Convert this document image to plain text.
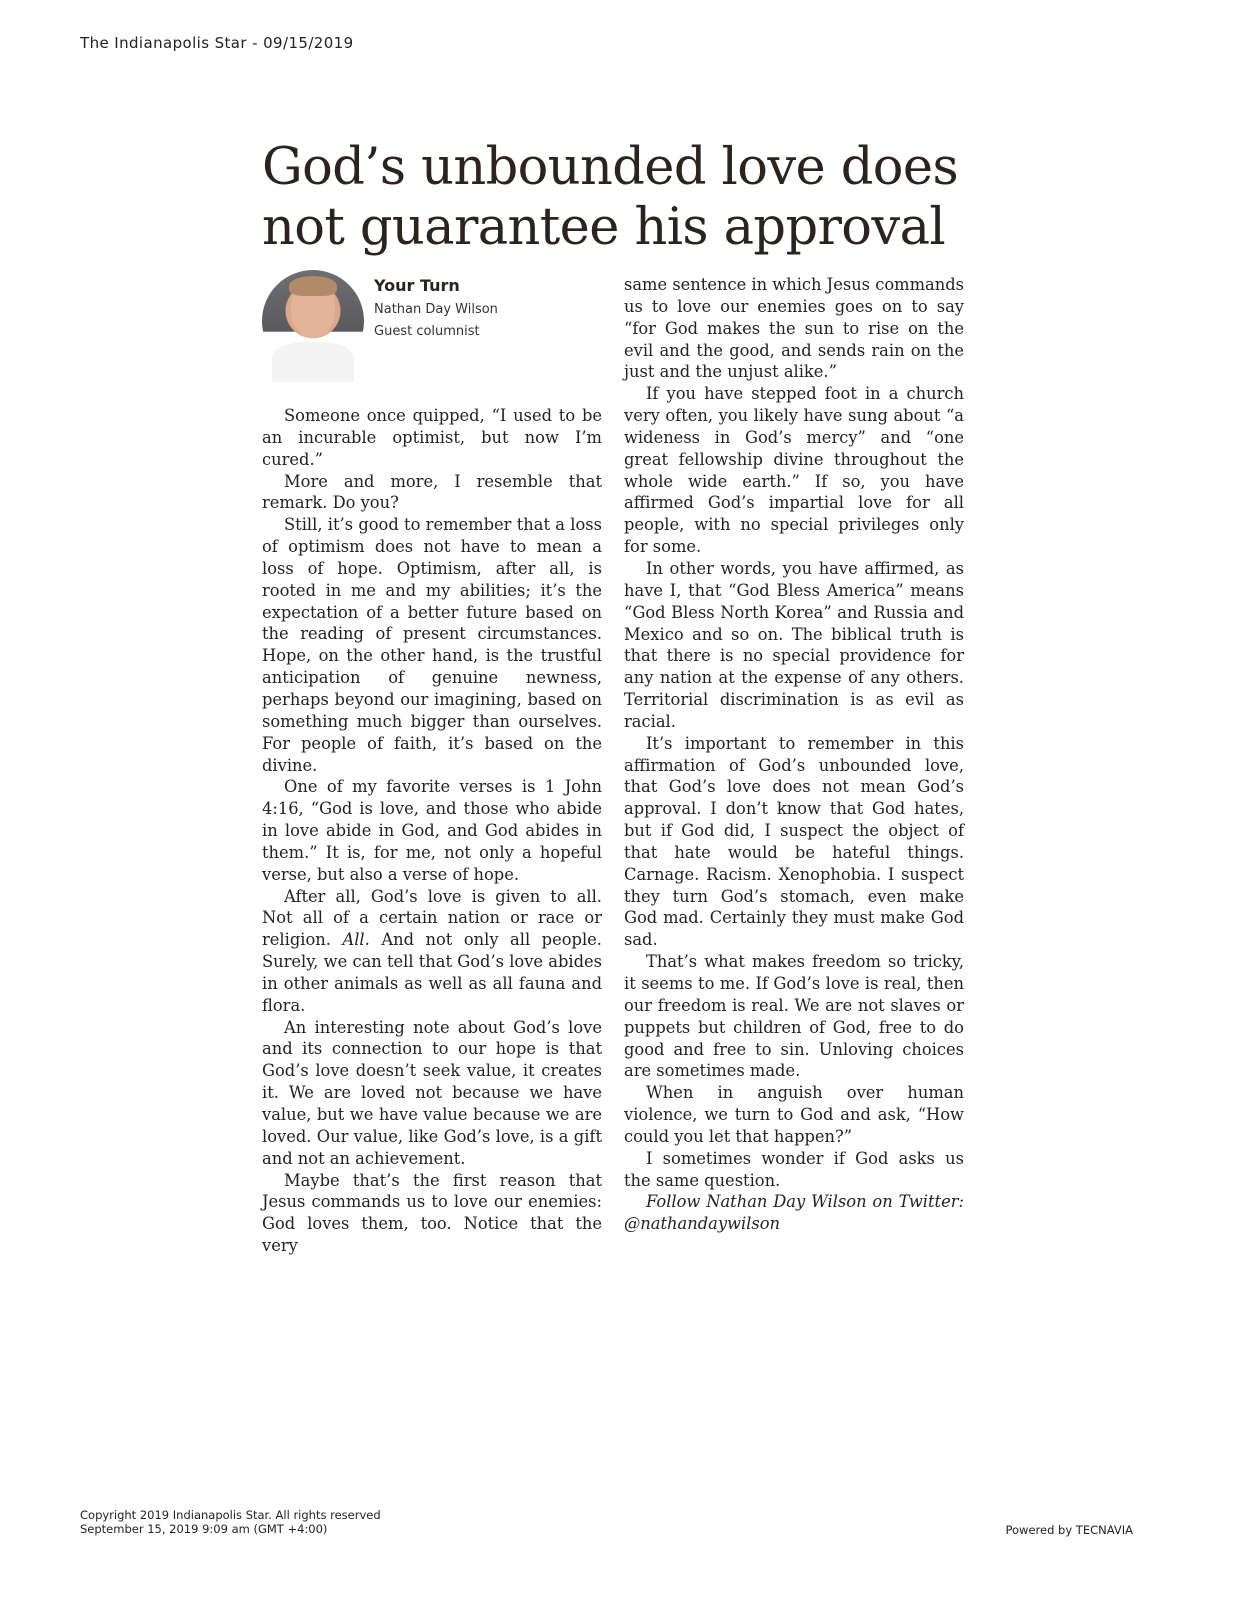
The Indianapolis Star - 09/15/2019
God’s unbounded love does not guarantee his approval
Your Turn
Nathan Day Wilson
Guest columnist

Someone once quipped, “I used to be an incurable optimist, but now I’m cured.”

More and more, I resemble that remark. Do you?

Still, it’s good to remember that a loss of optimism does not have to mean a loss of hope. Optimism, after all, is rooted in me and my abilities; it’s the expectation of a better future based on the reading of present circumstances. Hope, on the other hand, is the trustful anticipation of genuine newness, perhaps beyond our imagining, based on something much bigger than ourselves. For people of faith, it’s based on the divine.

One of my favorite verses is 1 John 4:16, “God is love, and those who abide in love abide in God, and God abides in them.” It is, for me, not only a hopeful verse, but also a verse of hope.

After all, God’s love is given to all. Not all of a certain nation or race or religion. All. And not only all people. Surely, we can tell that God’s love abides in other animals as well as all fauna and flora.

An interesting note about God’s love and its connection to our hope is that God’s love doesn’t seek value, it creates it. We are loved not because we have value, but we have value because we are loved. Our value, like God’s love, is a gift and not an achievement.

Maybe that’s the first reason that Jesus commands us to love our enemies: God loves them, too. Notice that the very

same sentence in which Jesus commands us to love our enemies goes on to say “for God makes the sun to rise on the evil and the good, and sends rain on the just and the unjust alike.”

If you have stepped foot in a church very often, you likely have sung about “a wideness in God’s mercy” and “one great fellowship divine throughout the whole wide earth.” If so, you have affirmed God’s impartial love for all people, with no special privileges only for some.

In other words, you have affirmed, as have I, that “God Bless America” means “God Bless North Korea” and Russia and Mexico and so on. The biblical truth is that there is no special providence for any nation at the expense of any others. Territorial discrimination is as evil as racial.

It’s important to remember in this affirmation of God’s unbounded love, that God’s love does not mean God’s approval. I don’t know that God hates, but if God did, I suspect the object of that hate would be hateful things. Carnage. Racism. Xenophobia. I suspect they turn God’s stomach, even make God mad. Certainly they must make God sad.

That’s what makes freedom so tricky, it seems to me. If God’s love is real, then our freedom is real. We are not slaves or puppets but children of God, free to do good and free to sin. Unloving choices are sometimes made.

When in anguish over human violence, we turn to God and ask, “How could you let that happen?”

I sometimes wonder if God asks us the same question.

Follow Nathan Day Wilson on Twitter: @nathandaywilson

Copyright 2019 Indianapolis Star. All rights reserved
September 15, 2019 9:09 am (GMT +4:00)	Powered by TECNAVIA
